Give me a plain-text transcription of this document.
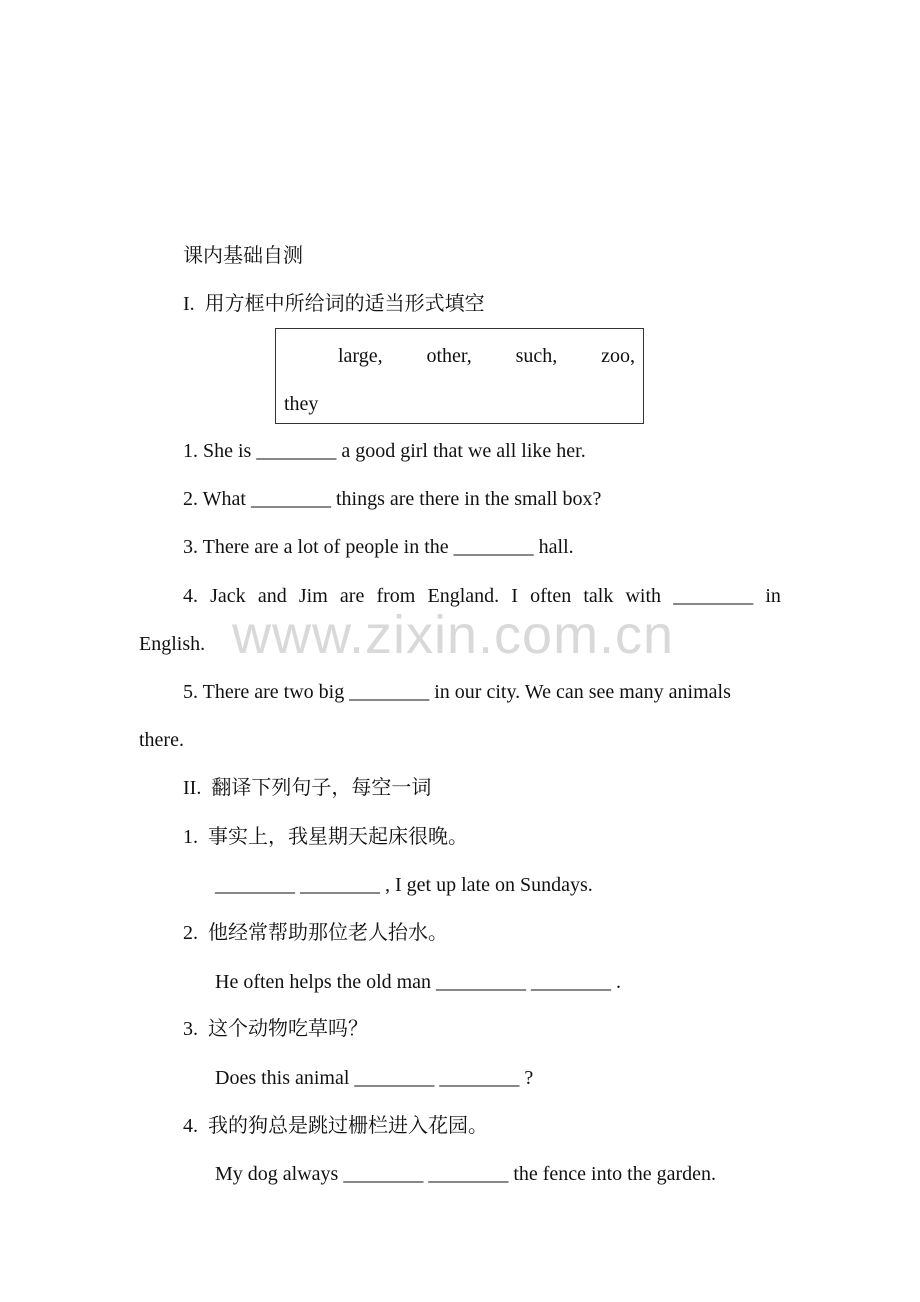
www.zixin.com.cn
课内基础自测
I.  用方框中所给词的适当形式填空
large, other, such, zoo,
they
1. She is ________ a good girl that we all like her.
2. What ________ things are there in the small box?
3. There are a lot of people in the ________ hall.
4. Jack and Jim are from England. I often talk with ________ in
English.
5. There are two big ________ in our city. We can see many animals
there.
II.  翻译下列句子，每空一词
1.  事实上，我星期天起床很晚。
________ ________ , I get up late on Sundays.
2.  他经常帮助那位老人抬水。
He often helps the old man _________ ________ .
3.  这个动物吃草吗？
Does this animal ________ ________ ?
4.  我的狗总是跳过栅栏进入花园。
My dog always ________ ________ the fence into the garden.
